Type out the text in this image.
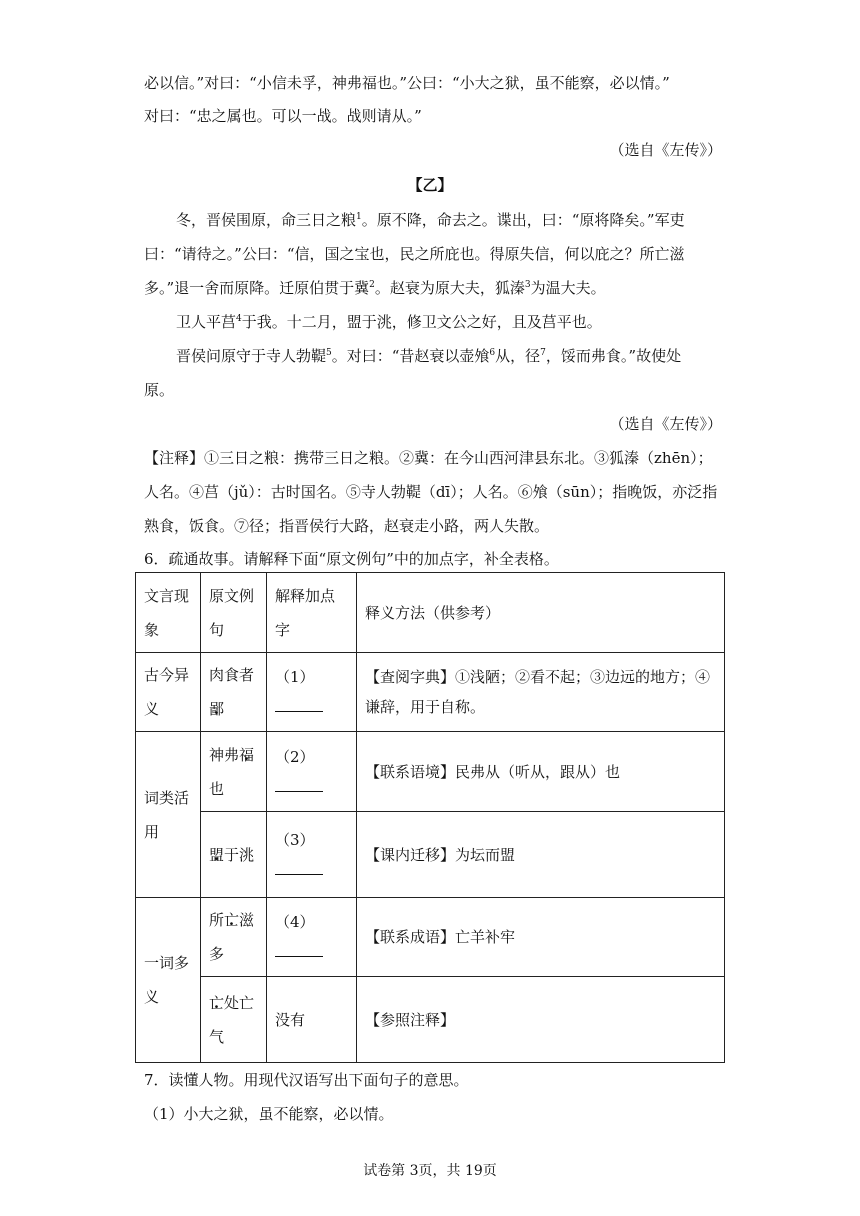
必以信。”对曰：“小信未孚，神弗福也。”公曰：“小大之狱，虽不能察，必以情。”
对曰：“忠之属也。可以一战。战则请从。”
（选自《左传》）
【乙】
冬，晋侯围原，命三日之粮$^1$。原不降，命去之。谍出，曰：“原将降矣。”军吏
曰：“请待之。”公曰：“信，国之宝也，民之所庇也。得原失信，何以庇之？所亡滋
多。”退一舍而原降。迁原伯贯于冀$^2$。赵衰为原大夫，狐溱$^3$为温大夫。
卫人平莒$^4$于我。十二月，盟于洮，修卫文公之好，且及莒平也。
晋侯问原守于寺人勃鞮$^5$。对曰：“昔赵衰以壶飧$^6$从，径$^7$，馁而弗食。”故使处
原。
（选自《左传》）
【注释】①三日之粮：携带三日之粮。②冀：在今山西河津县东北。③狐溱（zhēn）；
人名。④莒（jǔ）：古时国名。⑤寺人勃鞮（dī）；人名。⑥飧（sūn）；指晚饭，亦泛指
熟食，饭食。⑦径；指晋侯行大路，赵衰走小路，两人失散。
6．疏通故事。请解释下面“原文例句”中的加点字，补全表格。
文言现象	原文例句	解释加点字	释义方法（供参考）
古今异义	肉食者鄙 ·	（1）	【查阅字典】①浅陋；②看不起；③边远的地方；④谦辞，用于自称。
词类活用	神弗福 ·也	（2）	【联系语境】民弗从（听从，跟从）也
	盟 ·于洮	（3）	【课内迁移】为坛而盟
一词多义	所亡 ·滋多	（4）	【联系成语】亡羊补牢
	亡 ·处亡气	没有	【参照注释】
7．读懂人物。用现代汉语写出下面句子的意思。
（1）小大之狱，虽不能察，必以情。
试卷第 3页，共 19页
